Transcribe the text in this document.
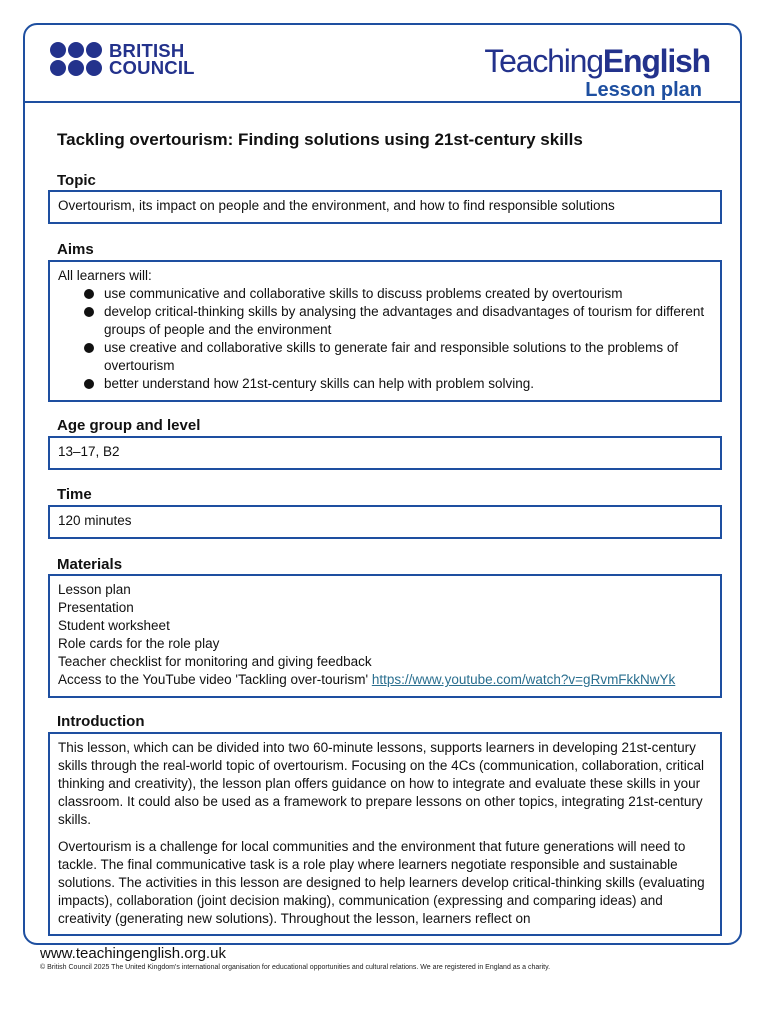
BRITISH
COUNCIL	TeachingEnglish
Lesson plan
Tackling overtourism: Finding solutions using 21st-century skills
Topic

Overtourism, its impact on people and the environment, and how to find responsible solutions

Aims

All learners will:

use communicative and collaborative skills to discuss problems created by overtourism
develop critical-thinking skills by analysing the advantages and disadvantages of tourism for different groups of people and the environment
use creative and collaborative skills to generate fair and responsible solutions to the problems of overtourism
better understand how 21st-century skills can help with problem solving.
Age group and level

13–17, B2

Time

120 minutes

Materials

Lesson plan

Presentation

Student worksheet

Role cards for the role play

Teacher checklist for monitoring and giving feedback

Access to the YouTube video 'Tackling over-tourism' https://www.youtube.com/watch?v=gRvmFkkNwYk

Introduction

This lesson, which can be divided into two 60-minute lessons, supports learners in developing 21st-century skills through the real-world topic of overtourism. Focusing on the 4Cs (communication, collaboration, critical thinking and creativity), the lesson plan offers guidance on how to integrate and evaluate these skills in your classroom. It could also be used as a framework to prepare lessons on other topics, integrating 21st-century skills.

Overtourism is a challenge for local communities and the environment that future generations will need to tackle. The final communicative task is a role play where learners negotiate responsible and sustainable solutions. The activities in this lesson are designed to help learners develop critical-thinking skills (evaluating impacts), collaboration (joint decision making), communication (expressing and comparing ideas) and creativity (generating new solutions). Throughout the lesson, learners reflect on

www.teachingenglish.org.uk
© British Council 2025 The United Kingdom's international organisation for educational opportunities and cultural relations. We are registered in England as a charity.
